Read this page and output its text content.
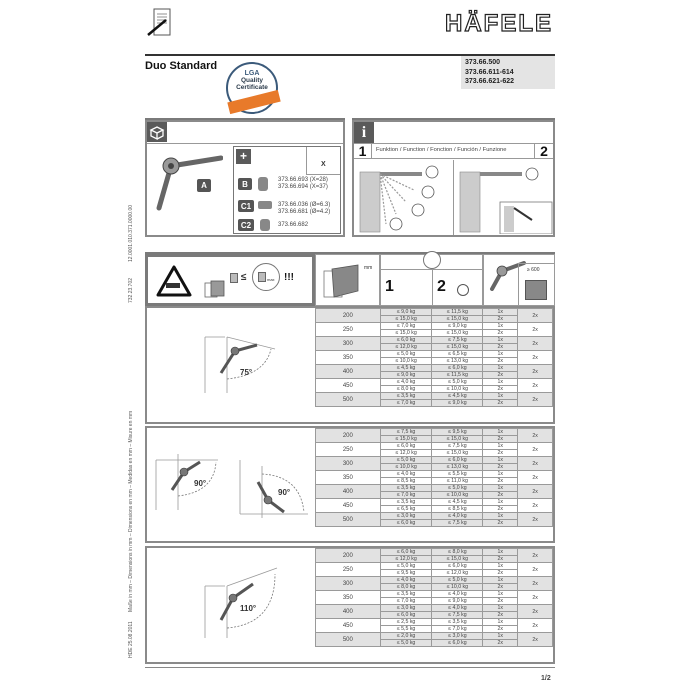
HÄFELE
Duo Standard
LGA
Quality
Certificate
373.66.500
373.66.611-614
373.66.621-622
HDE 25.08.2011
Maße in mm – Dimensions in mm – Dimensions en mm – Medidas en mm – Misure en mm
732.23.702
12.0001.010.371.0000.00
A
+
X
B	373.66.693 (X=28)
373.66.694 (X=37)
C1	373.66.036 (Ø=6.3)
373.66.681 (Ø=4.2)
C2	373.66.682
i
1	Funktion / Function / Fonction / Función / Funzione	2
≤	max !!!
mm
1	2
≥ 600
75°
90°
90°
110°
200	≤ 9,0 kg	≤ 11,5 kg	1x	2x
	≤ 15,0 kg	≤ 15,0 kg	2x	
250	≤ 7,0 kg	≤ 9,0 kg	1x	2x
	≤ 15,0 kg	≤ 15,0 kg	2x	
300	≤ 6,0 kg	≤ 7,5 kg	1x	2x
	≤ 12,0 kg	≤ 15,0 kg	2x	
350	≤ 5,0 kg	≤ 6,5 kg	1x	2x
	≤ 10,0 kg	≤ 13,0 kg	2x	
400	≤ 4,5 kg	≤ 6,0 kg	1x	2x
	≤ 9,0 kg	≤ 11,5 kg	2x	
450	≤ 4,0 kg	≤ 5,0 kg	1x	2x
	≤ 8,0 kg	≤ 10,0 kg	2x	
500	≤ 3,5 kg	≤ 4,5 kg	1x	2x
	≤ 7,0 kg	≤ 9,0 kg	2x	
200	≤ 7,5 kg	≤ 9,5 kg	1x	2x
	≤ 15,0 kg	≤ 15,0 kg	2x	
250	≤ 6,0 kg	≤ 7,5 kg	1x	2x
	≤ 12,0 kg	≤ 15,0 kg	2x	
300	≤ 5,0 kg	≤ 6,0 kg	1x	2x
	≤ 10,0 kg	≤ 13,0 kg	2x	
350	≤ 4,0 kg	≤ 5,5 kg	1x	2x
	≤ 8,5 kg	≤ 11,0 kg	2x	
400	≤ 3,5 kg	≤ 5,0 kg	1x	2x
	≤ 7,0 kg	≤ 10,0 kg	2x	
450	≤ 3,5 kg	≤ 4,5 kg	1x	2x
	≤ 6,5 kg	≤ 8,5 kg	2x	
500	≤ 3,0 kg	≤ 4,0 kg	1x	2x
	≤ 6,0 kg	≤ 7,5 kg	2x	
200	≤ 6,0 kg	≤ 8,0 kg	1x	2x
	≤ 12,0 kg	≤ 15,0 kg	2x	
250	≤ 5,0 kg	≤ 6,0 kg	1x	2x
	≤ 9,5 kg	≤ 12,0 kg	2x	
300	≤ 4,0 kg	≤ 5,0 kg	1x	2x
	≤ 8,0 kg	≤ 10,0 kg	2x	
350	≤ 3,5 kg	≤ 4,0 kg	1x	2x
	≤ 7,0 kg	≤ 9,0 kg	2x	
400	≤ 3,0 kg	≤ 4,0 kg	1x	2x
	≤ 6,0 kg	≤ 7,5 kg	2x	
450	≤ 2,5 kg	≤ 3,5 kg	1x	2x
	≤ 5,5 kg	≤ 7,0 kg	2x	
500	≤ 2,0 kg	≤ 3,0 kg	1x	2x
	≤ 5,0 kg	≤ 6,0 kg	2x	
1/2
